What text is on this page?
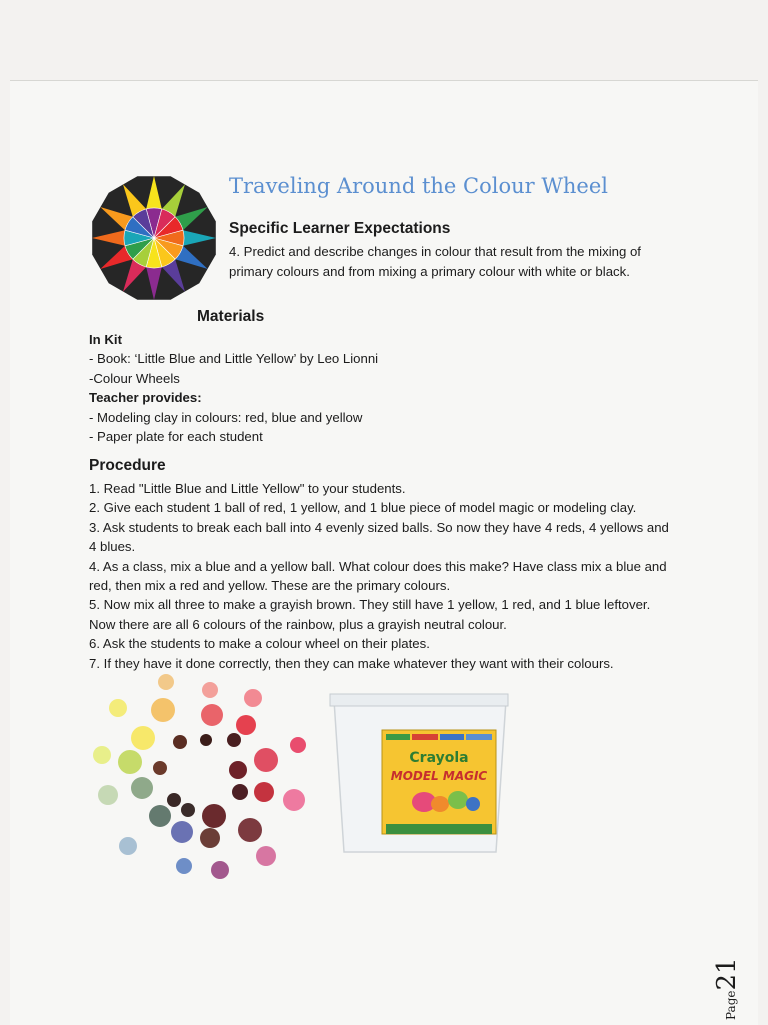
Traveling Around the Colour Wheel
Specific Learner Expectations
4. Predict and describe changes in colour that result from the mixing of primary colours and from mixing a primary colour with white or black.
Materials
In Kit
- Book: ‘Little Blue and Little Yellow’ by Leo Lionni
-Colour Wheels
Teacher provides:
- Modeling clay in colours: red, blue and yellow
- Paper plate for each student
Procedure
1. Read "Little Blue and Little Yellow" to your students.
2. Give each student 1 ball of red, 1 yellow, and 1 blue piece of model magic or modeling clay.
3. Ask students to break each ball into 4 evenly sized balls. So now they have 4 reds, 4 yellows and 4 blues.
4. As a class, mix a blue and a yellow ball. What colour does this make? Have class mix a blue and red, then mix a red and yellow. These are the primary colours.
5. Now mix all three to make a grayish brown. They still have 1 yellow, 1 red, and 1 blue leftover. Now there are all 6 colours of the rainbow, plus a grayish neutral colour.
6. Ask the students to make a colour wheel on their plates.
7. If they have it done correctly, then they can make whatever they want with their colours.
Crayola
MODEL MAGIC
Page21
